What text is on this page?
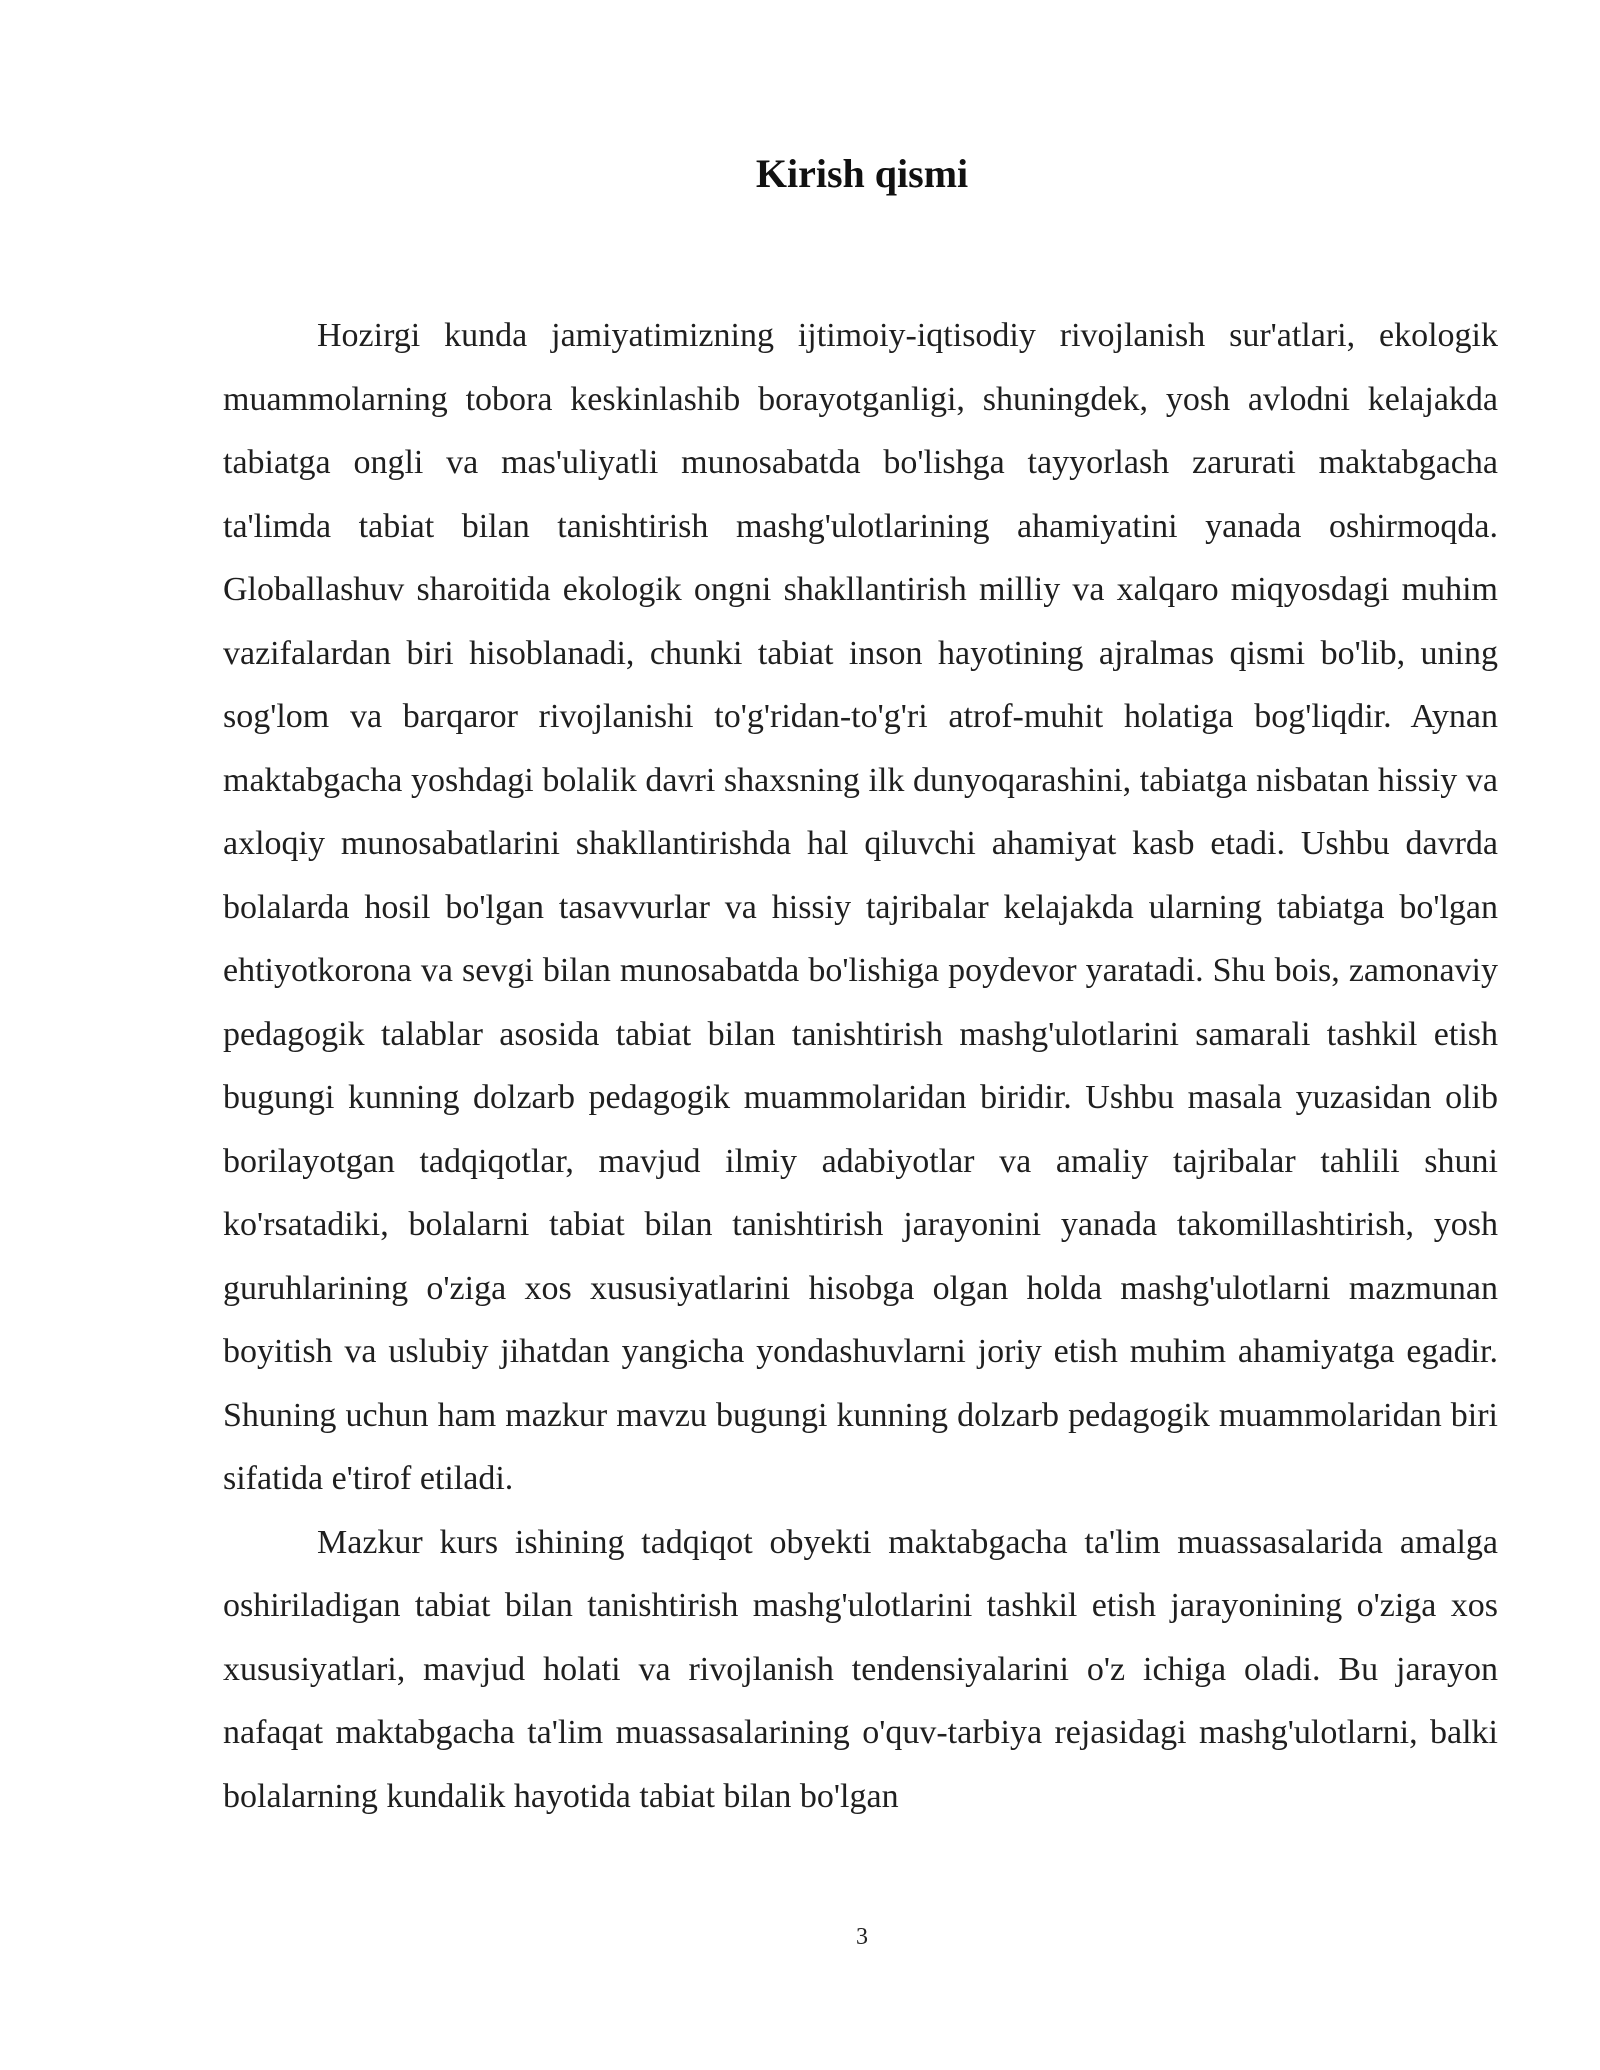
Kirish qismi

Hozirgi kunda jamiyatimizning ijtimoiy-iqtisodiy rivojlanish sur'atlari, ekologik muammolarning tobora keskinlashib borayotganligi, shuningdek, yosh avlodni kelajakda tabiatga ongli va mas'uliyatli munosabatda bo'lishga tayyorlash zarurati maktabgacha ta'limda tabiat bilan tanishtirish mashg'ulotlarining ahamiyatini yanada oshirmoqda. Globallashuv sharoitida ekologik ongni shakllantirish milliy va xalqaro miqyosdagi muhim vazifalardan biri hisoblanadi, chunki tabiat inson hayotining ajralmas qismi bo'lib, uning sog'lom va barqaror rivojlanishi to'g'ridan-to'g'ri atrof-muhit holatiga bog'liqdir. Aynan maktabgacha yoshdagi bolalik davri shaxsning ilk dunyoqarashini, tabiatga nisbatan hissiy va axloqiy munosabatlarini shakllantirishda hal qiluvchi ahamiyat kasb etadi. Ushbu davrda bolalarda hosil bo'lgan tasavvurlar va hissiy tajribalar kelajakda ularning tabiatga bo'lgan ehtiyotkorona va sevgi bilan munosabatda bo'lishiga poydevor yaratadi. Shu bois, zamonaviy pedagogik talablar asosida tabiat bilan tanishtirish mashg'ulotlarini samarali tashkil etish bugungi kunning dolzarb pedagogik muammolaridan biridir. Ushbu masala yuzasidan olib borilayotgan tadqiqotlar, mavjud ilmiy adabiyotlar va amaliy tajribalar tahlili shuni ko'rsatadiki, bolalarni tabiat bilan tanishtirish jarayonini yanada takomillashtirish, yosh guruhlarining o'ziga xos xususiyatlarini hisobga olgan holda mashg'ulotlarni mazmunan boyitish va uslubiy jihatdan yangicha yondashuvlarni joriy etish muhim ahamiyatga egadir. Shuning uchun ham mazkur mavzu bugungi kunning dolzarb pedagogik muammolaridan biri sifatida e'tirof etiladi.

Mazkur kurs ishining tadqiqot obyekti maktabgacha ta'lim muassasalarida amalga oshiriladigan tabiat bilan tanishtirish mashg'ulotlarini tashkil etish jarayonining o'ziga xos xususiyatlari, mavjud holati va rivojlanish tendensiyalarini o'z ichiga oladi. Bu jarayon nafaqat maktabgacha ta'lim muassasalarining o'quv-tarbiya rejasidagi mashg'ulotlarni, balki bolalarning kundalik hayotida tabiat bilan bo'lgan

3
